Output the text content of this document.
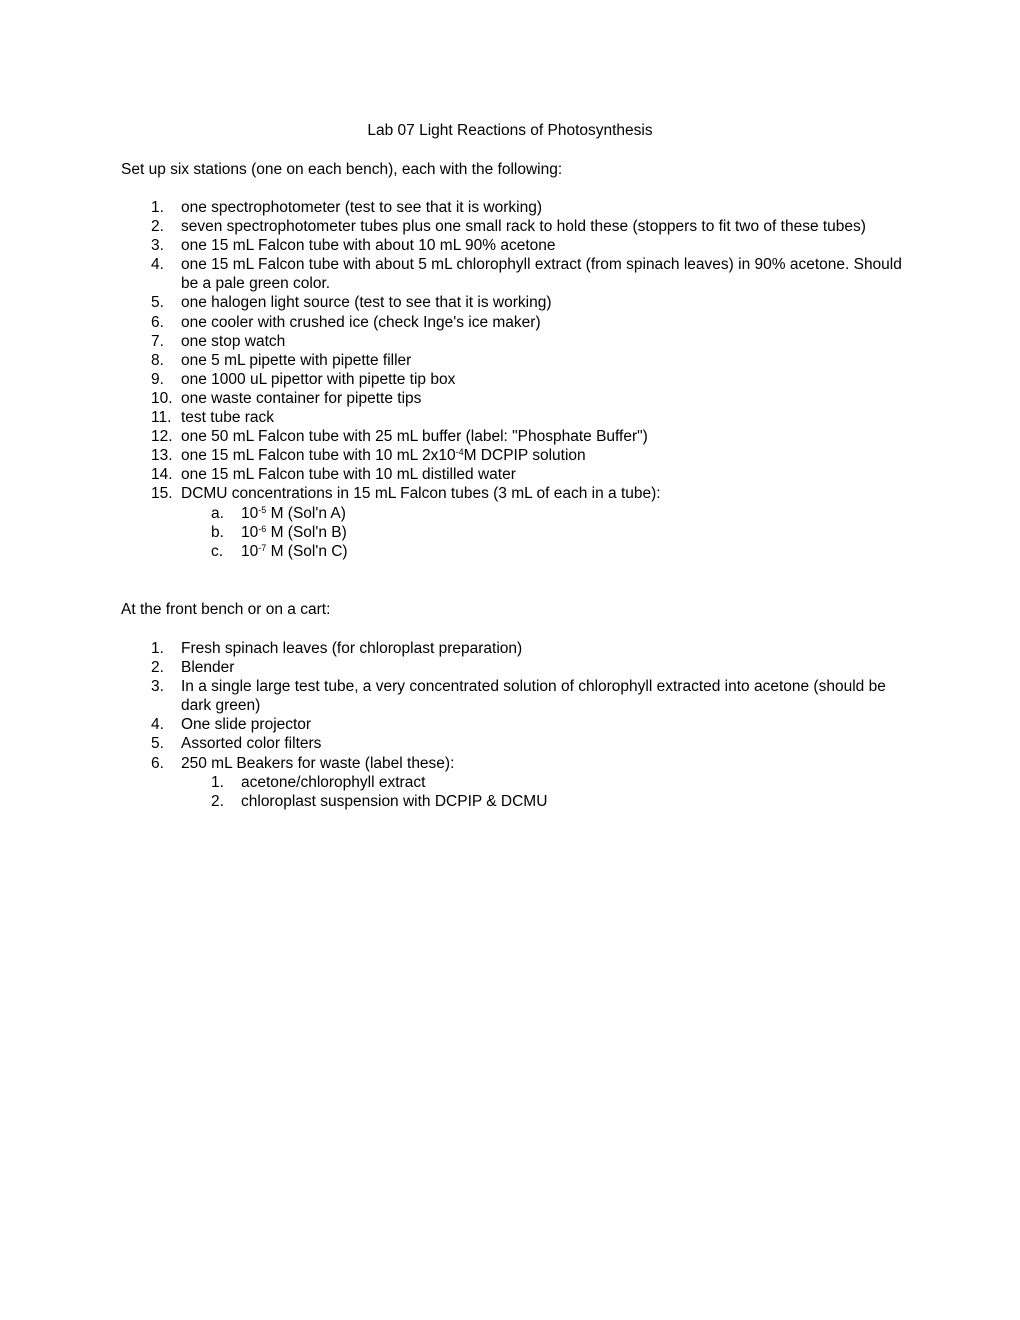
Lab 07 Light Reactions of Photosynthesis
Set up six stations (one on each bench), each with the following:
1.	one spectrophotometer (test to see that it is working)
2.	seven spectrophotometer tubes plus one small rack to hold these (stoppers to fit two of these tubes)
3.	one 15 mL Falcon tube with about 10 mL 90% acetone
4.	one 15 mL Falcon tube with about 5 mL chlorophyll extract (from spinach leaves) in 90% acetone. Should be a pale green color.
5.	one halogen light source (test to see that it is working)
6.	one cooler with crushed ice (check Inge's ice maker)
7.	one stop watch
8.	one 5 mL pipette with pipette filler
9.	one 1000 uL pipettor with pipette tip box
10. one waste container for pipette tips
11. test tube rack
12. one 50 mL Falcon tube with 25 mL buffer (label: "Phosphate Buffer")
13. one 15 mL Falcon tube with 10 mL $2x10^{-4}M$ DCPIP solution
14. one 15 mL Falcon tube with 10 mL distilled water
15. DCMU concentrations in 15 mL Falcon tubes (3 mL of each in a tube):
a.	$10^{-5}$ M (Sol'n A)
b.	$10^{-6}$ M (Sol'n B)
c.	$10^{-7}$ M (Sol'n C)
At the front bench or on a cart:
1.	Fresh spinach leaves (for chloroplast preparation)
2.	Blender
3.	In a single large test tube, a very concentrated solution of chlorophyll extracted into acetone (should be dark green)
4.	One slide projector
5.	Assorted color filters
6.	250 mL Beakers for waste (label these):
1.	acetone/chlorophyll extract
2.	chloroplast suspension with DCPIP & DCMU
